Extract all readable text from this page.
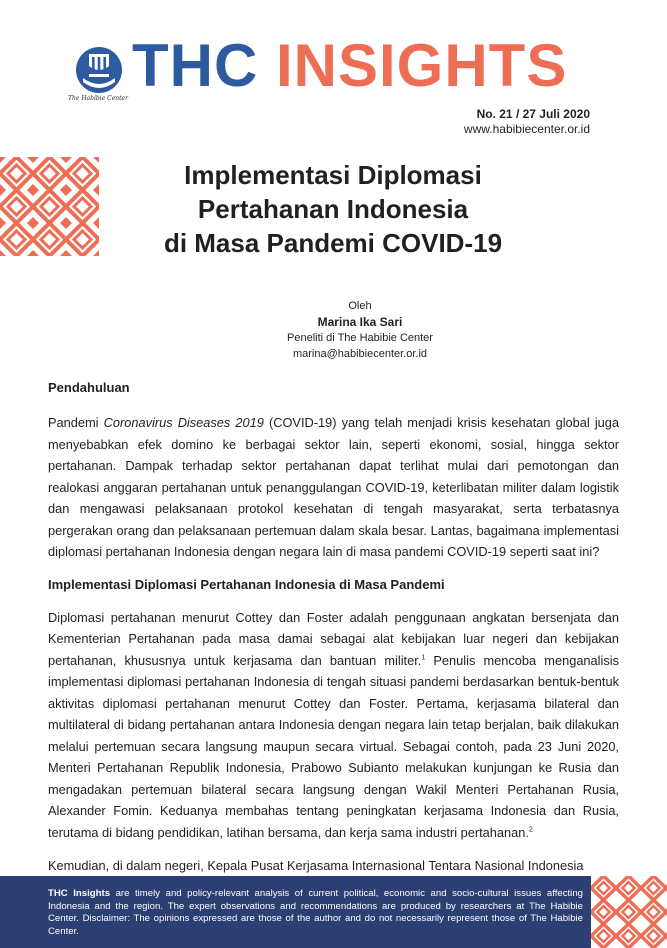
The Habibie Center THC INSIGHTS
No. 21 / 27 Juli 2020
www.habibiecenter.or.id
Implementasi Diplomasi
Pertahanan Indonesia
di Masa Pandemi COVID-19
Oleh
Marina Ika Sari
Peneliti di The Habibie Center
marina@habibiecenter.or.id
Pendahuluan

Pandemi Coronavirus Diseases 2019 (COVID-19) yang telah menjadi krisis kesehatan global juga menyebabkan efek domino ke berbagai sektor lain, seperti ekonomi, sosial, hingga sektor pertahanan. Dampak terhadap sektor pertahanan dapat terlihat mulai dari pemotongan dan realokasi anggaran pertahanan untuk penanggulangan COVID-19, keterlibatan militer dalam logistik dan mengawasi pelaksanaan protokol kesehatan di tengah masyarakat, serta terbatasnya pergerakan orang dan pelaksanaan pertemuan dalam skala besar. Lantas, bagaimana implementasi diplomasi pertahanan Indonesia dengan negara lain di masa pandemi COVID-19 seperti saat ini?

Implementasi Diplomasi Pertahanan Indonesia di Masa Pandemi

Diplomasi pertahanan menurut Cottey dan Foster adalah penggunaan angkatan bersenjata dan Kementerian Pertahanan pada masa damai sebagai alat kebijakan luar negeri dan kebijakan pertahanan, khususnya untuk kerjasama dan bantuan militer.$^1$ Penulis mencoba menganalisis implementasi diplomasi pertahanan Indonesia di tengah situasi pandemi berdasarkan bentuk-bentuk aktivitas diplomasi pertahanan menurut Cottey dan Foster. Pertama, kerjasama bilateral dan multilateral di bidang pertahanan antara Indonesia dengan negara lain tetap berjalan, baik dilakukan melalui pertemuan secara langsung maupun secara virtual. Sebagai contoh, pada 23 Juni 2020, Menteri Pertahanan Republik Indonesia, Prabowo Subianto melakukan kunjungan ke Rusia dan mengadakan pertemuan bilateral secara langsung dengan Wakil Menteri Pertahanan Rusia, Alexander Fomin. Keduanya membahas tentang peningkatan kerjasama Indonesia dan Rusia, terutama di bidang pendidikan, latihan bersama, dan kerja sama industri pertahanan.$^2$

Kemudian, di dalam negeri, Kepala Pusat Kerjasama Internasional Tentara Nasional Indonesia

THC Insights are timely and policy-relevant analysis of current political, economic and socio-cultural issues affecting Indonesia and the region. The expert observations and recommendations are produced by researchers at The Habibie Center. Disclaimer: The opinions expressed are those of the author and do not necessarily represent those of The Habibie Center.
